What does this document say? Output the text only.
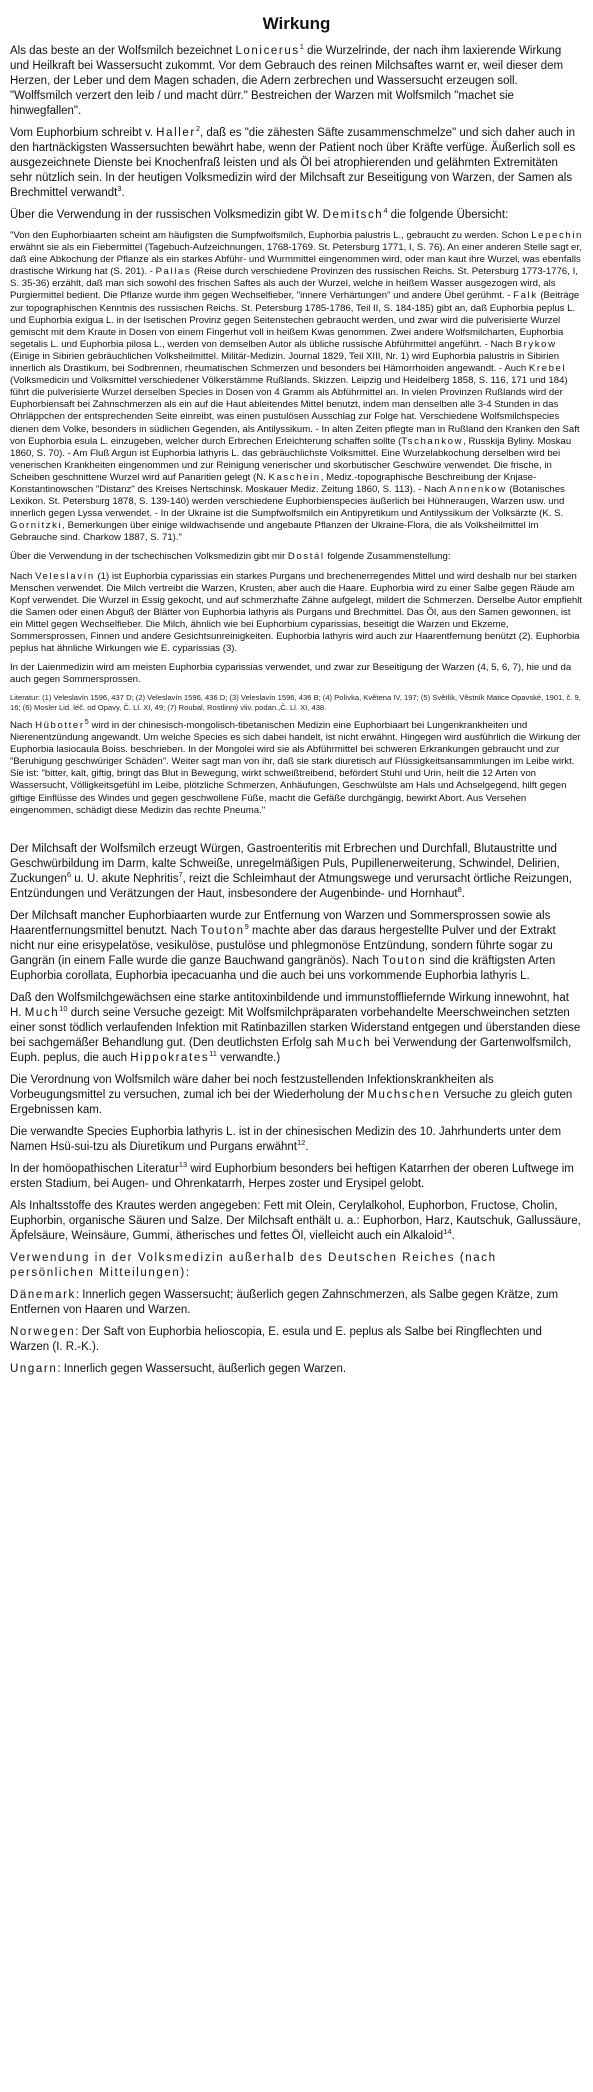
Wirkung

Als das beste an der Wolfsmilch bezeichnet Lonicerus$^1$ die Wurzelrinde, der nach ihm laxierende Wirkung und Heilkraft bei Wassersucht zukommt. Vor dem Gebrauch des reinen Milchsaftes warnt er, weil dieser dem Herzen, der Leber und dem Magen schaden, die Adern zerbrechen und Wassersucht erzeugen soll. "Wolffsmilch verzert den leib / und macht dürr." Bestreichen der Warzen mit Wolfsmilch "machet sie hinwegfallen".

Vom Euphorbium schreibt v. Haller$^2$, daß es "die zähesten Säfte zusammenschmelze" und sich daher auch in den hartnäckigsten Wassersuchten bewährt habe, wenn der Patient noch über Kräfte verfüge. Äußerlich soll es ausgezeichnete Dienste bei Knochenfraß leisten und als Öl bei atrophierenden und gelähmten Extremitäten sehr nützlich sein. In der heutigen Volksmedizin wird der Milchsaft zur Beseitigung von Warzen, der Samen als Brechmittel verwandt$^3$.

Über die Verwendung in der russischen Volksmedizin gibt W. Demitsch$^4$ die folgende Übersicht:

"Von den Euphorbiaarten scheint am häufigsten die Sumpfwolfsmilch, Euphorbia palustris L., gebraucht zu werden. Schon Lepechin erwähnt sie als ein Fiebermittel (Tagebuch-Aufzeichnungen, 1768-1769. St. Petersburg 1771, I, S. 76). An einer anderen Stelle sagt er, daß eine Abkochung der Pflanze als ein starkes Abführ- und Wurmmittel eingenommen wird, oder man kaut ihre Wurzel, was ebenfalls drastische Wirkung hat (S. 201). - Pallas (Reise durch verschiedene Provinzen des russischen Reichs. St. Petersburg 1773-1776, I, S. 35-36) erzählt, daß man sich sowohl des frischen Saftes als auch der Wurzel, welche in heißem Wasser ausgezogen wird, als Purgiermittel bedient. Die Pflanze wurde ihm gegen Wechselfieber, "innere Verhärtungen" und andere Übel gerühmt. - Falk (Beiträge zur topographischen Kenntnis des russischen Reichs. St. Petersburg 1785-1786, Teil II, S. 184-185) gibt an, daß Euphorbia peplus L. und Euphorbia exigua L. in der Isetischen Provinz gegen Seitenstechen gebraucht werden, und zwar wird die pulverisierte Wurzel gemischt mit dem Kraute in Dosen von einem Fingerhut voll in heißem Kwas genommen. Zwei andere Wolfsmilcharten, Euphorbia segetalis L. und Euphorbia pilosa L., werden von demselben Autor als übliche russische Abführmittel angeführt. - Nach Brykow (Einige in Sibirien gebräuchlichen Volksheilmittel. Militär-Medizin. Journal 1829, Teil XIII, Nr. 1) wird Euphorbia palustris in Sibirien innerlich als Drastikum, bei Sodbrennen, rheumatischen Schmerzen und besonders bei Hämorrhoiden angewandt. - Auch Krebel (Volksmedicin und Volksmittel verschiedener Völkerstämme Rußlands. Skizzen. Leipzig und Heidelberg 1858, S. 116, 171 und 184) führt die pulverisierte Wurzel derselben Species in Dosen von 4 Gramm als Abführmittel an. In vielen Provinzen Rußlands wird der Euphorbiensaft bei Zahnschmerzen als ein auf die Haut ableitendes Mittel benutzt, indem man denselben alle 3-4 Stunden in das Ohrläppchen der entsprechenden Seite einreibt, was einen pustulösen Ausschlag zur Folge hat. Verschiedene Wolfsmilchspecies dienen dem Volke, besonders in südlichen Gegenden, als Antilyssikum. - In alten Zeiten pflegte man in Rußland den Kranken den Saft von Euphorbia esula L. einzugeben, welcher durch Erbrechen Erleichterung schaffen sollte (Tschankow, Russkija Byliny. Moskau 1860, S. 70). - Am Fluß Argun ist Euphorbia lathyris L. das gebräuchlichste Volksmittel. Eine Wurzelabkochung derselben wird bei venerischen Krankheiten eingenommen und zur Reinigung venerischer und skorbutischer Geschwüre verwendet. Die frische, in Scheiben geschnittene Wurzel wird auf Panaritien gelegt (N. Kaschein, Mediz.-topographische Beschreibung der Knjase-Konstantinowschen "Distanz" des Kreises Nertschinsk. Moskauer Mediz. Zeitung 1860, S. 113). - Nach Annenkow (Botanisches Lexikon. St. Petersburg 1878, S. 139-140) werden verschiedene Euphorbienspecies äußerlich bei Hühneraugen, Warzen usw. und innerlich gegen Lyssa verwendet. - In der Ukraine ist die Sumpfwolfsmilch ein Antipyretikum und Antilyssikum der Volksärzte (K. S. Gornitzki, Bemerkungen über einige wildwachsende und angebaute Pflanzen der Ukraine-Flora, die als Volksheilmittel im Gebrauche sind. Charkow 1887, S. 71)."

Über die Verwendung in der tschechischen Volksmedizin gibt mir Dostál folgende Zusammenstellung:

Nach Veleslavín (1) ist Euphorbia cyparissias ein starkes Purgans und brechenerregendes Mittel und wird deshalb nur bei starken Menschen verwendet. Die Milch vertreibt die Warzen, Krusten, aber auch die Haare. Euphorbia wird zu einer Salbe gegen Räude am Kopf verwendet. Die Wurzel in Essig gekocht, und auf schmerzhafte Zähne aufgelegt, mildert die Schmerzen. Derselbe Autor empfiehlt die Samen oder einen Abguß der Blätter von Euphorbia lathyris als Purgans und Brechmittel. Das Öl, aus den Samen gewonnen, ist ein Mittel gegen Wechselfieber. Die Milch, ähnlich wie bei Euphorbium cyparissias, beseitigt die Warzen und Ekzeme, Sommersprossen, Finnen und andere Gesichtsunreinigkeiten. Euphorbia lathyris wird auch zur Haarentfernung benützt (2). Euphorbia peplus hat ähnliche Wirkungen wie E. cyparissias (3).

In der Laienmedizin wird am meisten Euphorbia cyparissias verwendet, und zwar zur Beseitigung der Warzen (4, 5, 6, 7), hie und da auch gegen Sommersprossen.

Literatur: (1) Veleslavín 1596, 437 D; (2) Veleslavín 1596, 436 D; (3) Veleslavín 1596, 436 B; (4) Polívka, Květena IV, 197; (5) Světlík, Věstník Matice Opavské, 1901, č. 9, 16; (6) Mosler Lid. léč. od Opavy, Č. Ll. XI, 49; (7) Roubal, Rostlinný vliv. podan.,Č. Ll. XI, 438.

Nach Hübotter$^5$ wird in der chinesisch-mongolisch-tibetanischen Medizin eine Euphorbiaart bei Lungenkrankheiten und Nierenentzündung angewandt. Um welche Species es sich dabei handelt, ist nicht erwähnt. Hingegen wird ausführlich die Wirkung der Euphorbia lasiocaula Boiss. beschrieben. In der Mongolei wird sie als Abführmittel bei schweren Erkrankungen gebraucht und zur "Beruhigung geschwüriger Schäden". Weiter sagt man von ihr, daß sie stark diuretisch auf Flüssigkeitsansammlungen im Leibe wirkt. Sie ist: "bitter, kalt, giftig, bringt das Blut in Bewegung, wirkt schweißtreibend, befördert Stuhl und Urin, heilt die 12 Arten von Wassersucht, Völligkeitsgefühl im Leibe, plötzliche Schmerzen, Anhäufungen, Geschwülste am Hals und Achselgegend, hilft gegen giftige Einflüsse des Windes und gegen geschwollene Füße, macht die Gefäße durchgängig, bewirkt Abort. Aus Versehen eingenommen, schädigt diese Medizin das rechte Pneuma."

Der Milchsaft der Wolfsmilch erzeugt Würgen, Gastroenteritis mit Erbrechen und Durchfall, Blutaustritte und Geschwürbildung im Darm, kalte Schweiße, unregelmäßigen Puls, Pupillenerweiterung, Schwindel, Delirien, Zuckungen$^6$ u. U. akute Nephritis$^7$, reizt die Schleimhaut der Atmungswege und verursacht örtliche Reizungen, Entzündungen und Verätzungen der Haut, insbesondere der Augenbinde- und Hornhaut$^8$.

Der Milchsaft mancher Euphorbiaarten wurde zur Entfernung von Warzen und Sommersprossen sowie als Haarentfernungsmittel benutzt. Nach Touton$^9$ machte aber das daraus hergestellte Pulver und der Extrakt nicht nur eine erisypelatöse, vesikulöse, pustulöse und phlegmonöse Entzündung, sondern führte sogar zu Gangrän (in einem Falle wurde die ganze Bauchwand gangränös). Nach Touton sind die kräftigsten Arten Euphorbia corollata, Euphorbia ipecacuanha und die auch bei uns vorkommende Euphorbia lathyris L.

Daß den Wolfsmilchgewächsen eine starke antitoxinbildende und immunstoffliefernde Wirkung innewohnt, hat H. Much$^{10}$ durch seine Versuche gezeigt: Mit Wolfsmilchpräparaten vorbehandelte Meerschweinchen setzten einer sonst tödlich verlaufenden Infektion mit Ratinbazillen starken Widerstand entgegen und überstanden diese bei sachgemäßer Behandlung gut. (Den deutlichsten Erfolg sah Much bei Verwendung der Gartenwolfsmilch, Euph. peplus, die auch Hippokrates$^{11}$ verwandte.)

Die Verordnung von Wolfsmilch wäre daher bei noch festzustellenden Infektionskrankheiten als Vorbeugungsmittel zu versuchen, zumal ich bei der Wiederholung der Muchschen Versuche zu gleich guten Ergebnissen kam.

Die verwandte Species Euphorbia lathyris L. ist in der chinesischen Medizin des 10. Jahrhunderts unter dem Namen Hsü-sui-tzu als Diuretikum und Purgans erwähnt$^{12}$.

In der homöopathischen Literatur$^{13}$ wird Euphorbium besonders bei heftigen Katarrhen der oberen Luftwege im ersten Stadium, bei Augen- und Ohrenkatarrh, Herpes zoster und Erysipel gelobt.

Als Inhaltsstoffe des Krautes werden angegeben: Fett mit Olein, Cerylalkohol, Euphorbon, Fructose, Cholin, Euphorbin, organische Säuren und Salze. Der Milchsaft enthält u. a.: Euphorbon, Harz, Kautschuk, Gallussäure, Äpfelsäure, Weinsäure, Gummi, ätherisches und fettes Öl, vielleicht auch ein Alkaloid$^{14}$.

Verwendung in der Volksmedizin außerhalb des Deutschen Reiches (nach persönlichen Mitteilungen):

Dänemark: Innerlich gegen Wassersucht; äußerlich gegen Zahnschmerzen, als Salbe gegen Krätze, zum Entfernen von Haaren und Warzen.

Norwegen: Der Saft von Euphorbia helioscopia, E. esula und E. peplus als Salbe bei Ringflechten und Warzen (I. R.-K.).

Ungarn: Innerlich gegen Wassersucht, äußerlich gegen Warzen.
